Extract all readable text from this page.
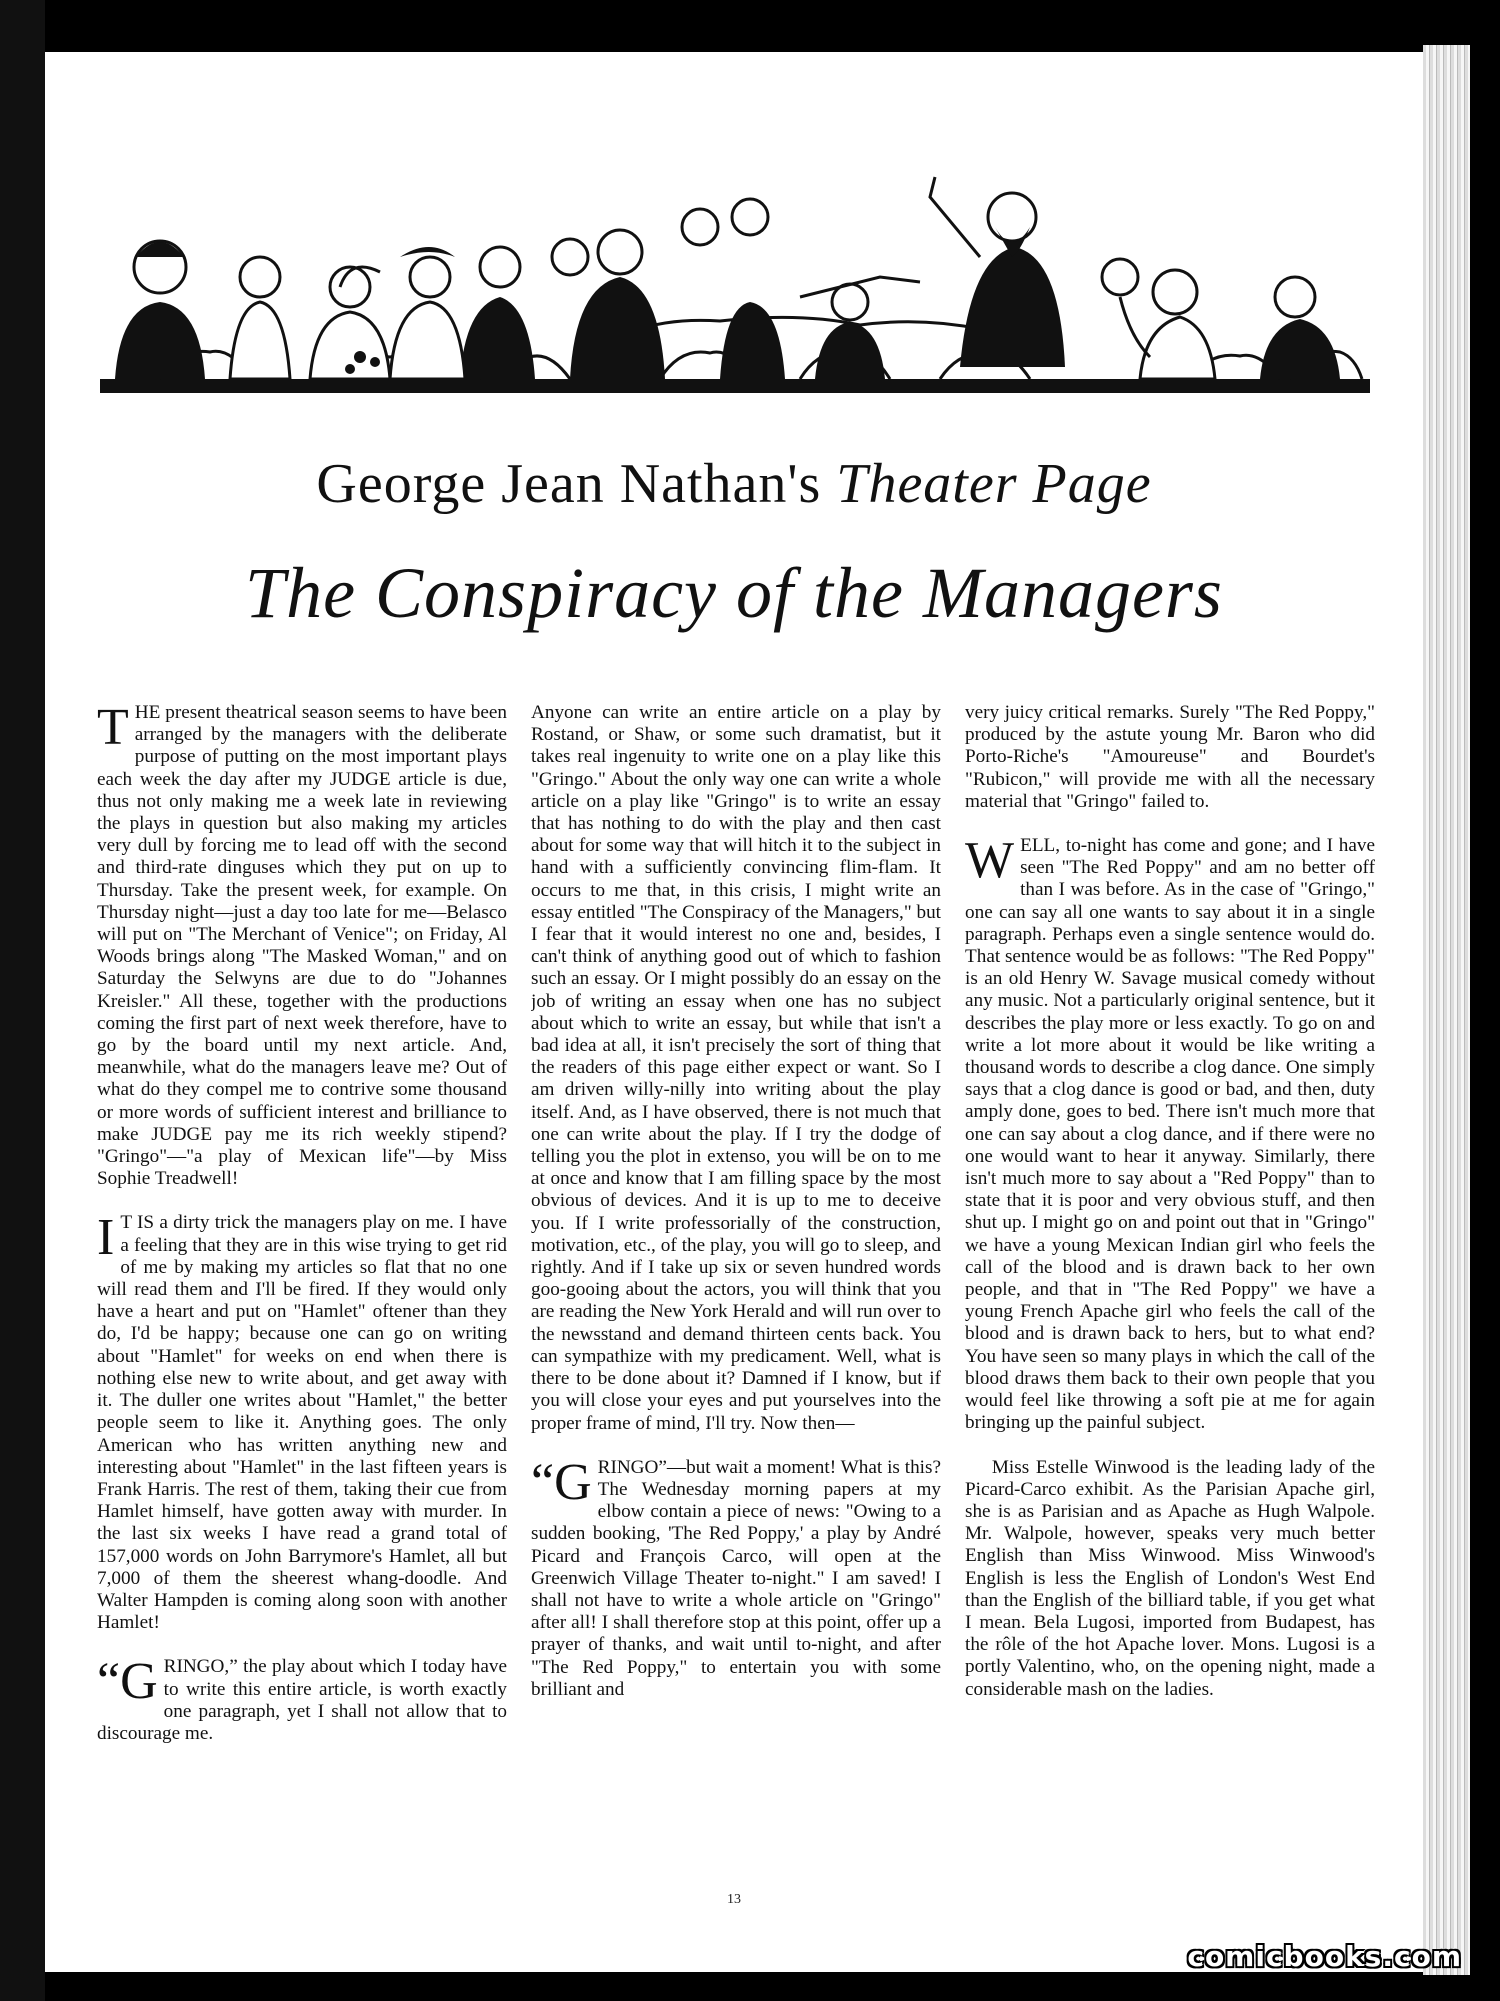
George Jean Nathan's Theater Page
The Conspiracy of the Managers

THE present theatrical season seems to have been arranged by the managers with the deliberate purpose of putting on the most important plays each week the day after my JUDGE article is due, thus not only making me a week late in reviewing the plays in question but also making my articles very dull by forcing me to lead off with the second and third-rate dinguses which they put on up to Thursday. Take the present week, for example. On Thursday night—just a day too late for me—Belasco will put on "The Merchant of Venice"; on Friday, Al Woods brings along "The Masked Woman," and on Saturday the Selwyns are due to do "Johannes Kreisler." All these, together with the productions coming the first part of next week therefore, have to go by the board until my next article. And, meanwhile, what do the managers leave me? Out of what do they compel me to contrive some thousand or more words of sufficient interest and brilliance to make JUDGE pay me its rich weekly stipend? "Gringo"—"a play of Mexican life"—by Miss Sophie Treadwell!

I T IS a dirty trick the managers play on me. I have a feeling that they are in this wise trying to get rid of me by making my articles so flat that no one will read them and I'll be fired. If they would only have a heart and put on "Hamlet" oftener than they do, I'd be happy; because one can go on writing about "Hamlet" for weeks on end when there is nothing else new to write about, and get away with it. The duller one writes about "Hamlet," the better people seem to like it. Anything goes. The only American who has written anything new and interesting about "Hamlet" in the last fifteen years is Frank Harris. The rest of them, taking their cue from Hamlet himself, have gotten away with murder. In the last six weeks I have read a grand total of 157,000 words on John Barrymore's Hamlet, all but 7,000 of them the sheerest whang-doodle. And Walter Hampden is coming along soon with another Hamlet!

“GRINGO,” the play about which I today have to write this entire article, is worth exactly one paragraph, yet I shall not allow that to discourage me.

Anyone can write an entire article on a play by Rostand, or Shaw, or some such dramatist, but it takes real ingenuity to write one on a play like this "Gringo." About the only way one can write a whole article on a play like "Gringo" is to write an essay that has nothing to do with the play and then cast about for some way that will hitch it to the subject in hand with a sufficiently convincing flim-flam. It occurs to me that, in this crisis, I might write an essay entitled "The Conspiracy of the Managers," but I fear that it would interest no one and, besides, I can't think of anything good out of which to fashion such an essay. Or I might possibly do an essay on the job of writing an essay when one has no subject about which to write an essay, but while that isn't a bad idea at all, it isn't precisely the sort of thing that the readers of this page either expect or want. So I am driven willy-nilly into writing about the play itself. And, as I have observed, there is not much that one can write about the play. If I try the dodge of telling you the plot in extenso, you will be on to me at once and know that I am filling space by the most obvious of devices. And it is up to me to deceive you. If I write professorially of the construction, motivation, etc., of the play, you will go to sleep, and rightly. And if I take up six or seven hundred words goo-gooing about the actors, you will think that you are reading the New York Herald and will run over to the newsstand and demand thirteen cents back. You can sympathize with my predicament. Well, what is there to be done about it? Damned if I know, but if you will close your eyes and put yourselves into the proper frame of mind, I'll try. Now then—

“GRINGO”—but wait a moment! What is this? The Wednesday morning papers at my elbow contain a piece of news: "Owing to a sudden booking, 'The Red Poppy,' a play by André Picard and François Carco, will open at the Greenwich Village Theater to-night." I am saved! I shall not have to write a whole article on "Gringo" after all! I shall therefore stop at this point, offer up a prayer of thanks, and wait until to-night, and after "The Red Poppy," to entertain you with some brilliant and

very juicy critical remarks. Surely "The Red Poppy," produced by the astute young Mr. Baron who did Porto-Riche's "Amoureuse" and Bourdet's "Rubicon," will provide me with all the necessary material that "Gringo" failed to.

WELL, to-night has come and gone; and I have seen "The Red Poppy" and am no better off than I was before. As in the case of "Gringo," one can say all one wants to say about it in a single paragraph. Perhaps even a single sentence would do. That sentence would be as follows: "The Red Poppy" is an old Henry W. Savage musical comedy without any music. Not a particularly original sentence, but it describes the play more or less exactly. To go on and write a lot more about it would be like writing a thousand words to describe a clog dance. One simply says that a clog dance is good or bad, and then, duty amply done, goes to bed. There isn't much more that one can say about a clog dance, and if there were no one would want to hear it anyway. Similarly, there isn't much more to say about a "Red Poppy" than to state that it is poor and very obvious stuff, and then shut up. I might go on and point out that in "Gringo" we have a young Mexican Indian girl who feels the call of the blood and is drawn back to her own people, and that in "The Red Poppy" we have a young French Apache girl who feels the call of the blood and is drawn back to hers, but to what end? You have seen so many plays in which the call of the blood draws them back to their own people that you would feel like throwing a soft pie at me for again bringing up the painful subject.

Miss Estelle Winwood is the leading lady of the Picard-Carco exhibit. As the Parisian Apache girl, she is as Parisian and as Apache as Hugh Walpole. Mr. Walpole, however, speaks very much better English than Miss Winwood. Miss Winwood's English is less the English of London's West End than the English of the billiard table, if you get what I mean. Bela Lugosi, imported from Budapest, has the rôle of the hot Apache lover. Mons. Lugosi is a portly Valentino, who, on the opening night, made a considerable mash on the ladies.

13
comicbooks.com
